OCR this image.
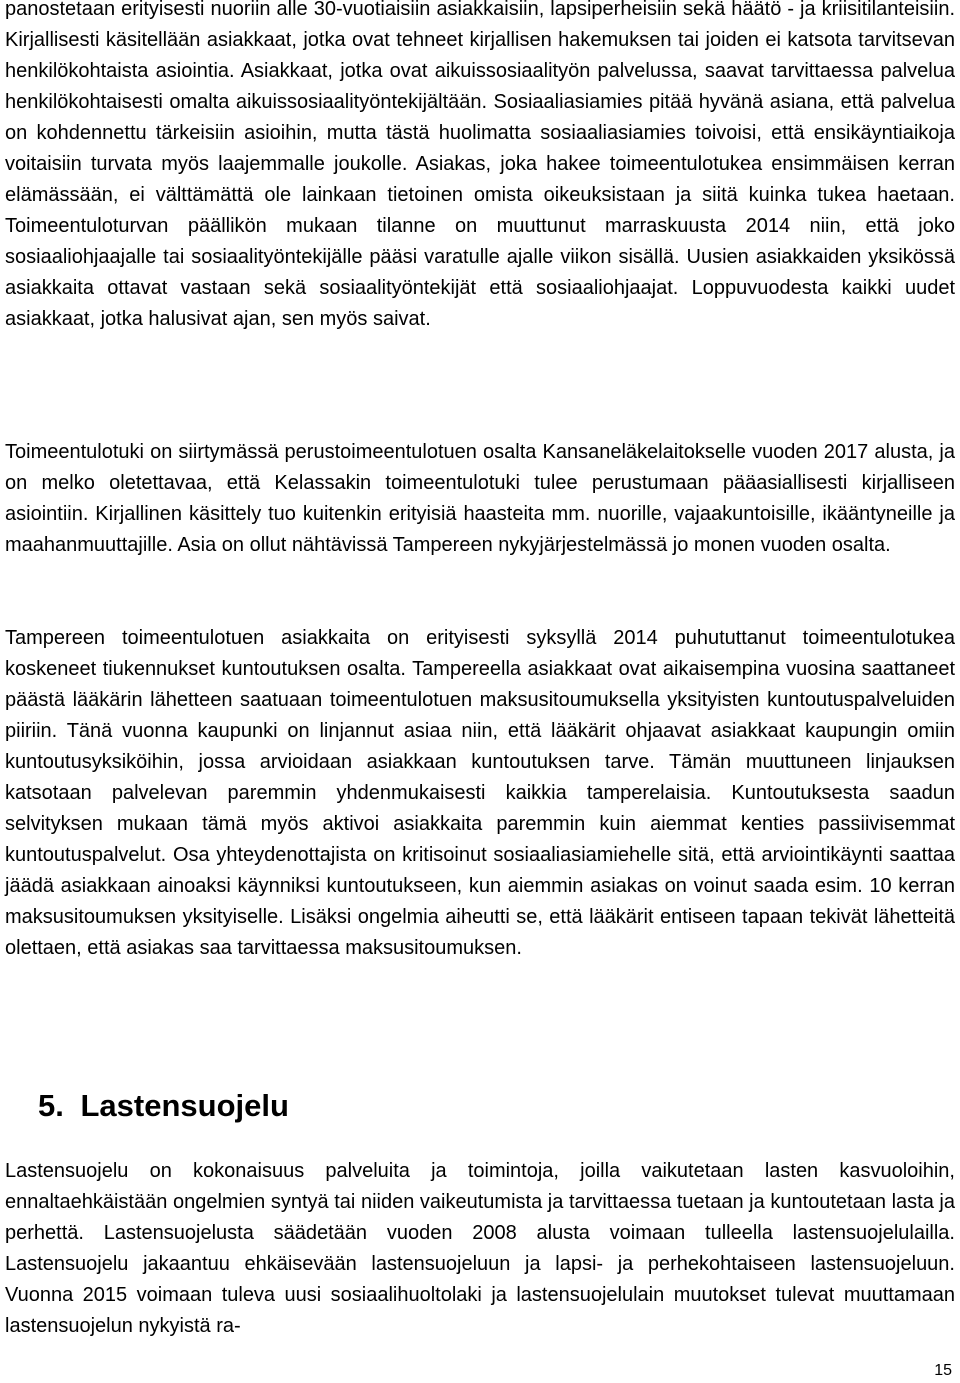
panostetaan erityisesti nuoriin alle 30-vuotiaisiin asiakkaisiin, lapsiperheisiin sekä häätö - ja kriisitilanteisiin. Kirjallisesti käsitellään asiakkaat, jotka ovat tehneet kirjallisen hakemuksen tai joiden ei katsota tarvitsevan henkilökohtaista asiointia. Asiakkaat, jotka ovat aikuissosiaalityön palvelussa, saavat tarvittaessa palvelua henkilökohtaisesti omalta aikuissosiaalityöntekijältään. Sosiaaliasiamies pitää hyvänä asiana, että palvelua on kohdennettu tärkeisiin asioihin, mutta tästä huolimatta sosiaaliasiamies toivoisi, että ensikäyntiaikoja voitaisiin turvata myös laajemmalle joukolle. Asiakas, joka hakee toimeentulotukea ensimmäisen kerran elämässään, ei välttämättä ole lainkaan tietoinen omista oikeuksistaan ja siitä kuinka tukea haetaan. Toimeentuloturvan päällikön mukaan tilanne on muuttunut marraskuusta 2014 niin, että joko sosiaaliohjaajalle tai sosiaalityöntekijälle pääsi varatulle ajalle viikon sisällä. Uusien asiakkaiden yksikössä asiakkaita ottavat vastaan sekä sosiaalityöntekijät että sosiaaliohjaajat. Loppuvuodesta kaikki uudet asiakkaat, jotka halusivat ajan, sen myös saivat.

Toimeentulotuki on siirtymässä perustoimeentulotuen osalta Kansaneläkelaitokselle vuoden 2017 alusta, ja on melko oletettavaa, että Kelassakin toimeentulotuki tulee perustumaan pääasiallisesti kirjalliseen asiointiin. Kirjallinen käsittely tuo kuitenkin erityisiä haasteita mm. nuorille, vajaakuntoisille, ikääntyneille ja maahanmuuttajille. Asia on ollut nähtävissä Tampereen nykyjärjestelmässä jo monen vuoden osalta.

Tampereen toimeentulotuen asiakkaita on erityisesti syksyllä 2014 puhututtanut toimeentulotukea koskeneet tiukennukset kuntoutuksen osalta. Tampereella asiakkaat ovat aikaisempina vuosina saattaneet päästä lääkärin lähetteen saatuaan toimeentulotuen maksusitoumuksella yksityisten kuntoutuspalveluiden piiriin. Tänä vuonna kaupunki on linjannut asiaa niin, että lääkärit ohjaavat asiakkaat kaupungin omiin kuntoutusyksiköihin, jossa arvioidaan asiakkaan kuntoutuksen tarve. Tämän muuttuneen linjauksen katsotaan palvelevan paremmin yhdenmukaisesti kaikkia tamperelaisia. Kuntoutuksesta saadun selvityksen mukaan tämä myös aktivoi asiakkaita paremmin kuin aiemmat kenties passiivisemmat kuntoutuspalvelut. Osa yhteydenottajista on kritisoinut sosiaaliasiamiehelle sitä, että arviointikäynti saattaa jäädä asiakkaan ainoaksi käynniksi kuntoutukseen, kun aiemmin asiakas on voinut saada esim. 10 kerran maksusitoumuksen yksityiselle. Lisäksi ongelmia aiheutti se, että lääkärit entiseen tapaan tekivät lähetteitä olettaen, että asiakas saa tarvittaessa maksusitoumuksen.

5. Lastensuojelu

Lastensuojelu on kokonaisuus palveluita ja toimintoja, joilla vaikutetaan lasten kasvuoloihin, ennaltaehkäistään ongelmien syntyä tai niiden vaikeutumista ja tarvittaessa tuetaan ja kuntoutetaan lasta ja perhettä. Lastensuojelusta säädetään vuoden 2008 alusta voimaan tulleella lastensuojelulailla. Lastensuojelu jakaantuu ehkäisevään lastensuojeluun ja lapsi- ja perhekohtaiseen lastensuojeluun. Vuonna 2015 voimaan tuleva uusi sosiaalihuoltolaki ja lastensuojelulain muutokset tulevat muuttamaan lastensuojelun nykyistä ra-

15
